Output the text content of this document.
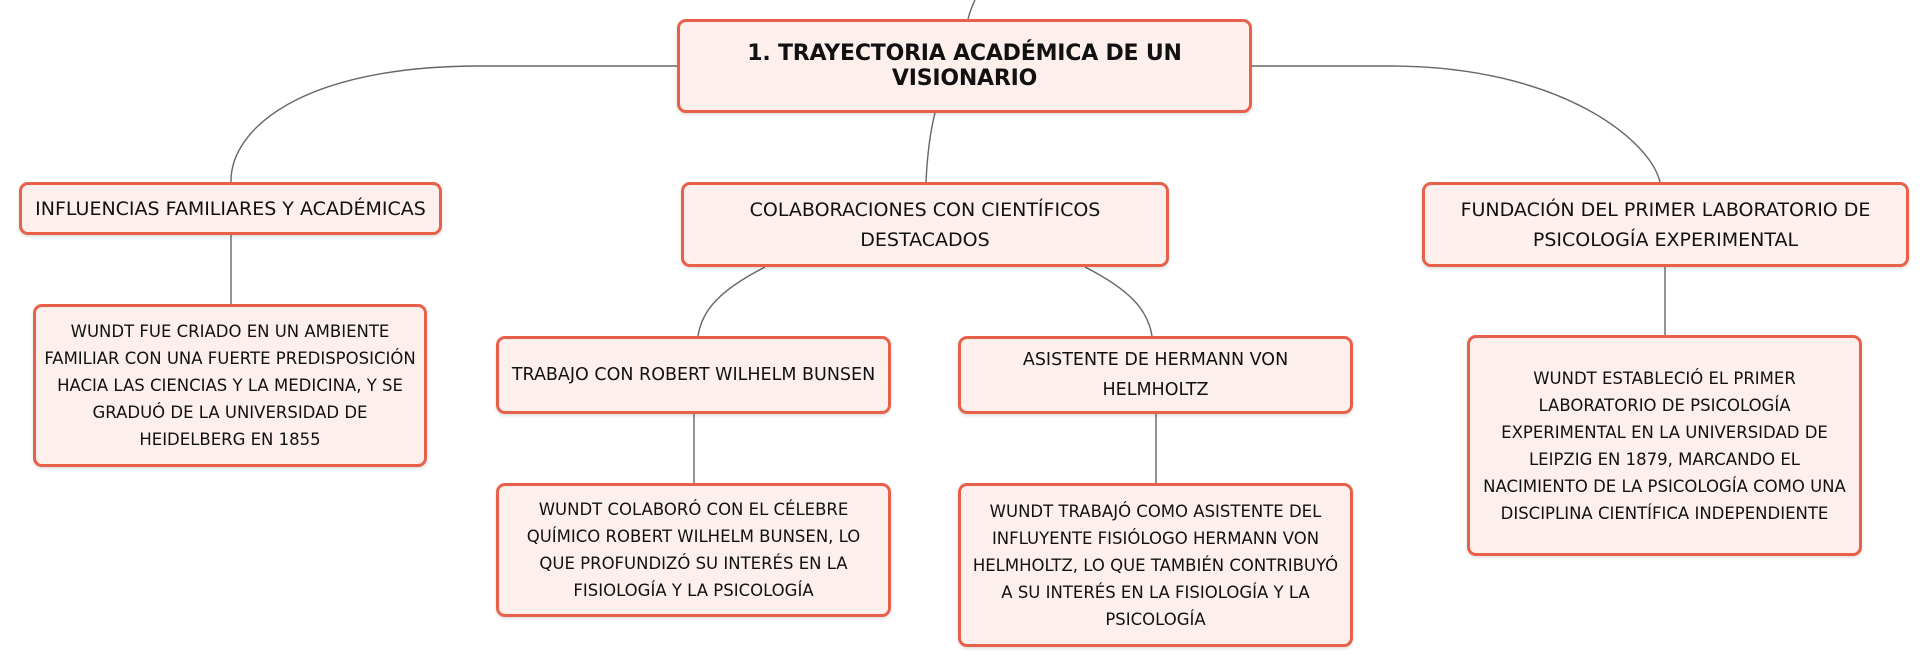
1. TRAYECTORIA ACADÉMICA DE UN VISIONARIO
INFLUENCIAS FAMILIARES Y ACADÉMICAS
WUNDT FUE CRIADO EN UN AMBIENTE FAMILIAR CON UNA FUERTE PREDISPOSICIÓN HACIA LAS CIENCIAS Y LA MEDICINA, Y SE GRADUÓ DE LA UNIVERSIDAD DE HEIDELBERG EN 1855
COLABORACIONES CON CIENTÍFICOS DESTACADOS
TRABAJO CON ROBERT WILHELM BUNSEN
WUNDT COLABORÓ CON EL CÉLEBRE QUÍMICO ROBERT WILHELM BUNSEN, LO QUE PROFUNDIZÓ SU INTERÉS EN LA FISIOLOGÍA Y LA PSICOLOGÍA
ASISTENTE DE HERMANN VON HELMHOLTZ
WUNDT TRABAJÓ COMO ASISTENTE DEL INFLUYENTE FISIÓLOGO HERMANN VON HELMHOLTZ, LO QUE TAMBIÉN CONTRIBUYÓ A SU INTERÉS EN LA FISIOLOGÍA Y LA PSICOLOGÍA
FUNDACIÓN DEL PRIMER LABORATORIO DE PSICOLOGÍA EXPERIMENTAL
WUNDT ESTABLECIÓ EL PRIMER LABORATORIO DE PSICOLOGÍA EXPERIMENTAL EN LA UNIVERSIDAD DE LEIPZIG EN 1879, MARCANDO EL NACIMIENTO DE LA PSICOLOGÍA COMO UNA DISCIPLINA CIENTÍFICA INDEPENDIENTE
